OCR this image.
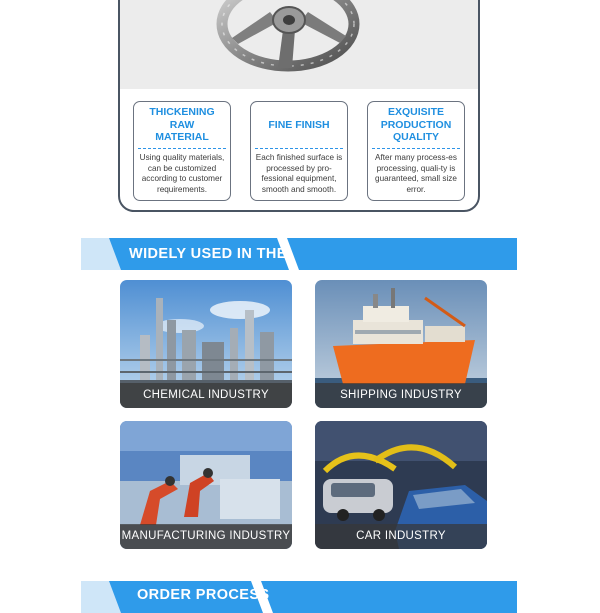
THICKENING RAW MATERIAL
Using quality materials, can be customized according to customer requirements.
FINE FINISH
Each finished surface is processed by pro-fessional equipment, smooth and smooth.
EXQUISITE PRODUCTION QUALITY
After many process-es processing, quali-ty is guaranteed, small size error.
WIDELY USED IN THE
CHEMICAL INDUSTRY	SHIPPING INDUSTRY
MANUFACTURING INDUSTRY	CAR INDUSTRY
ORDER PROCESS
